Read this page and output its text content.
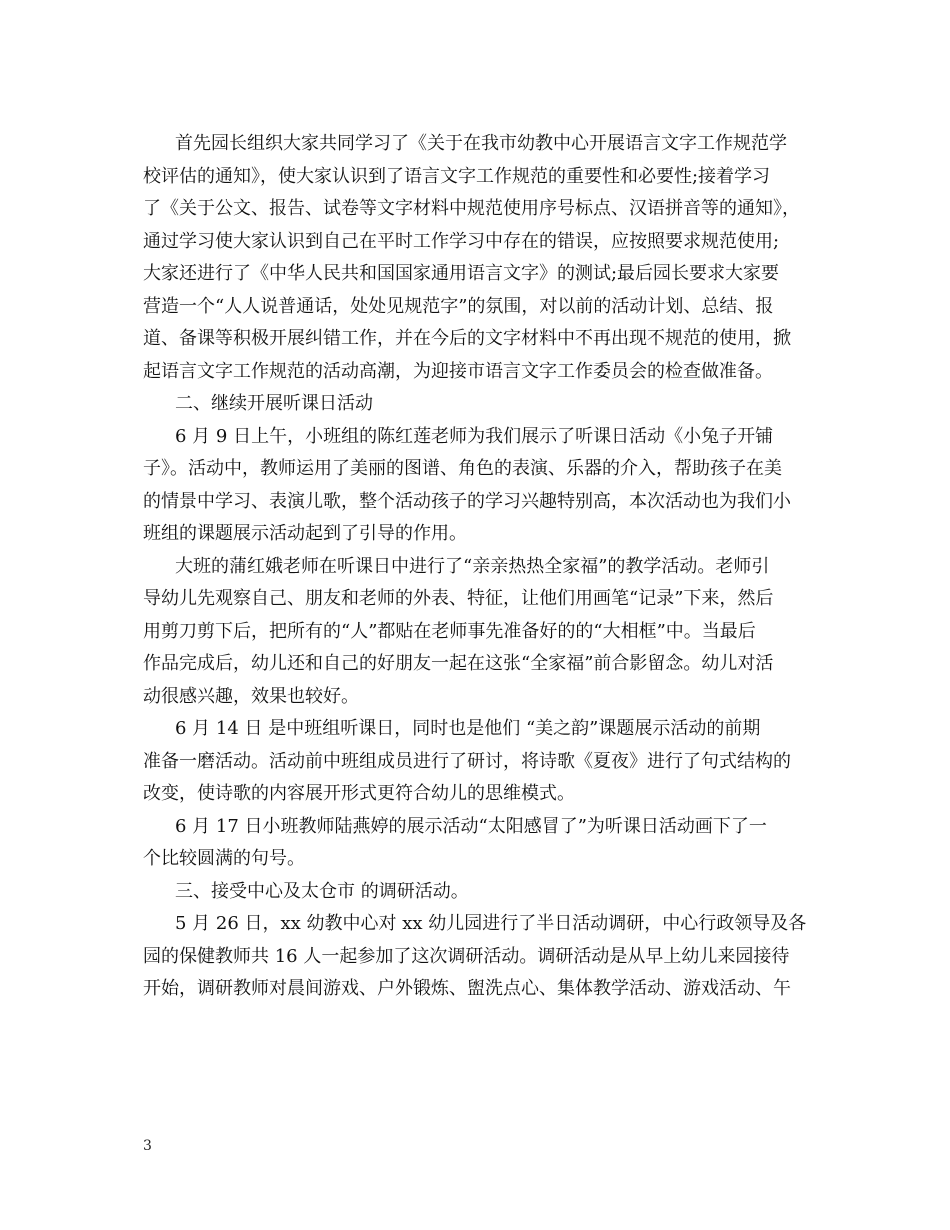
首先园长组织大家共同学习了《关于在我市幼教中心开展语言文字工作规范学
校评估的通知》，使大家认识到了语言文字工作规范的重要性和必要性;接着学习
了《关于公文、报告、试卷等文字材料中规范使用序号标点、汉语拼音等的通知》，
通过学习使大家认识到自己在平时工作学习中存在的错误，应按照要求规范使用;
大家还进行了《中华人民共和国国家通用语言文字》的测试;最后园长要求大家要
营造一个“人人说普通话，处处见规范字”的氛围，对以前的活动计划、总结、报
道、备课等积极开展纠错工作，并在今后的文字材料中不再出现不规范的使用，掀
起语言文字工作规范的活动高潮，为迎接市语言文字工作委员会的检查做准备。

二、继续开展听课日活动

6 月 9 日上午，小班组的陈红莲老师为我们展示了听课日活动《小兔子开铺
子》。活动中，教师运用了美丽的图谱、角色的表演、乐器的介入，帮助孩子在美
的情景中学习、表演儿歌，整个活动孩子的学习兴趣特别高，本次活动也为我们小
班组的课题展示活动起到了引导的作用。

大班的蒲红娥老师在听课日中进行了“亲亲热热全家福”的教学活动。老师引
导幼儿先观察自己、朋友和老师的外表、特征，让他们用画笔“记录”下来，然后
用剪刀剪下后，把所有的“人”都贴在老师事先准备好的的“大相框”中。当最后
作品完成后，幼儿还和自己的好朋友一起在这张“全家福”前合影留念。幼儿对活
动很感兴趣，效果也较好。

6 月 14 日 是中班组听课日，同时也是他们 “美之韵”课题展示活动的前期
准备一磨活动。活动前中班组成员进行了研讨，将诗歌《夏夜》进行了句式结构的
改变，使诗歌的内容展开形式更符合幼儿的思维模式。

6 月 17 日小班教师陆燕婷的展示活动“太阳感冒了”为听课日活动画下了一
个比较圆满的句号。

三、接受中心及太仓市 的调研活动。

5 月 26 日，xx 幼教中心对 xx 幼儿园进行了半日活动调研，中心行政领导及各
园的保健教师共 16 人一起参加了这次调研活动。调研活动是从早上幼儿来园接待
开始，调研教师对晨间游戏、户外锻炼、盥洗点心、集体教学活动、游戏活动、午

3
